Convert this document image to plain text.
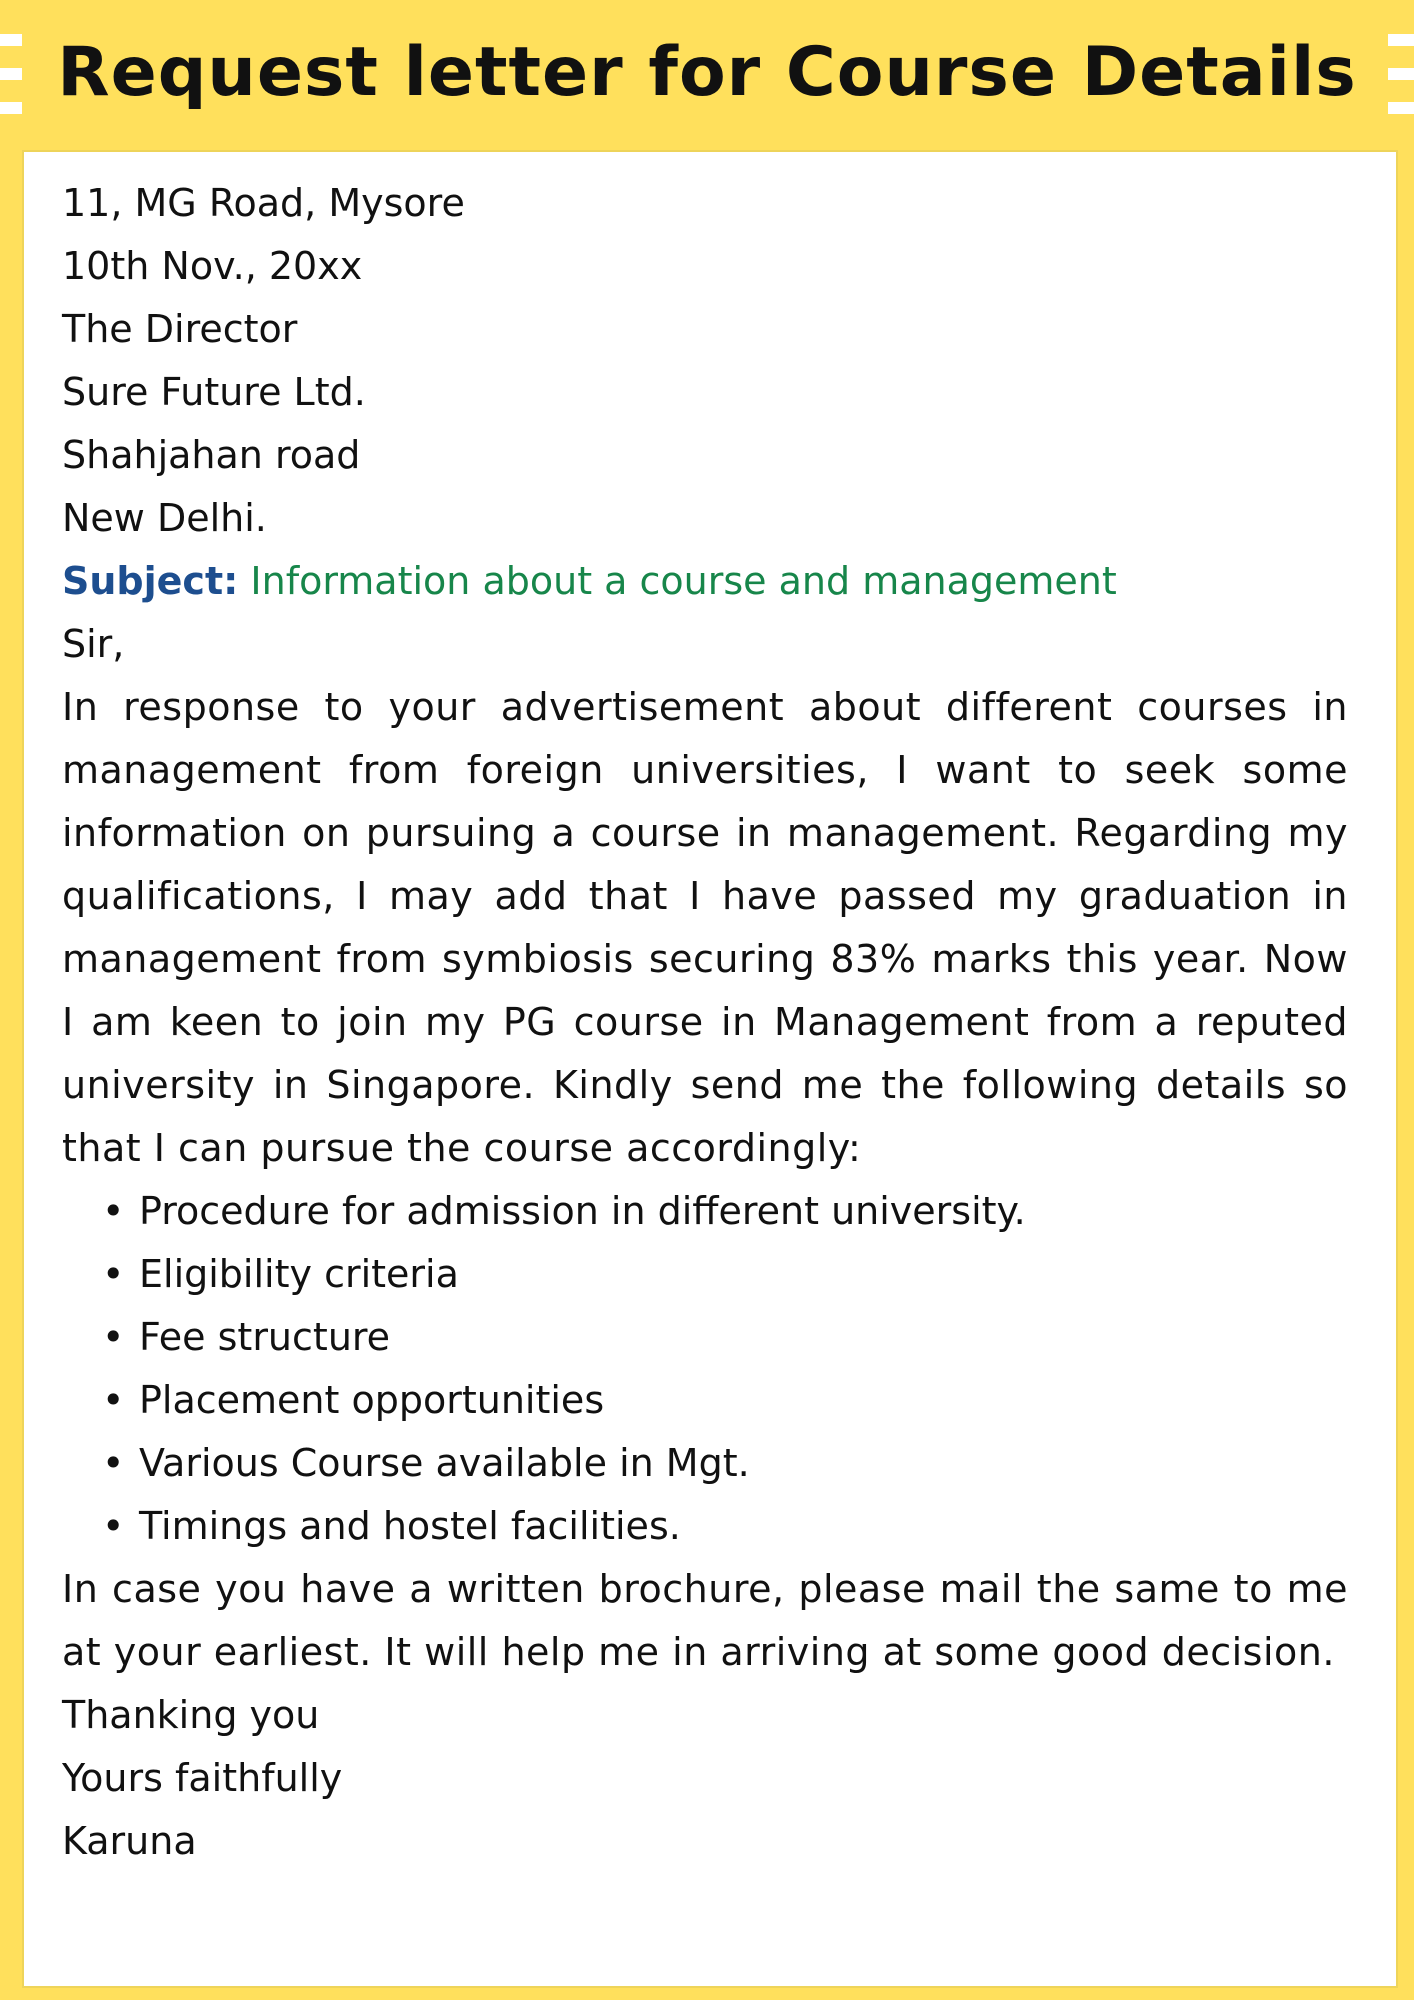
Request letter for Course Details
11, MG Road, Mysore
10th Nov., 20xx
The Director
Sure Future Ltd.
Shahjahan road
New Delhi.
Subject: Information about a course and management
Sir,

In response to your advertisement about different courses in management from foreign universities, I want to seek some information on pursuing a course in management. Regarding my qualifications, I may add that I have passed my graduation in management from symbiosis securing 83% marks this year. Now I am keen to join my PG course in Management from a reputed university in Singapore. Kindly send me the following details so that I can pursue the course accordingly:

• Procedure for admission in different university.
• Eligibility criteria
• Fee structure
• Placement opportunities
• Various Course available in Mgt.
• Timings and hostel facilities.

In case you have a written brochure, please mail the same to me at your earliest. It will help me in arriving at some good decision.

Thanking you
Yours faithfully
Karuna
